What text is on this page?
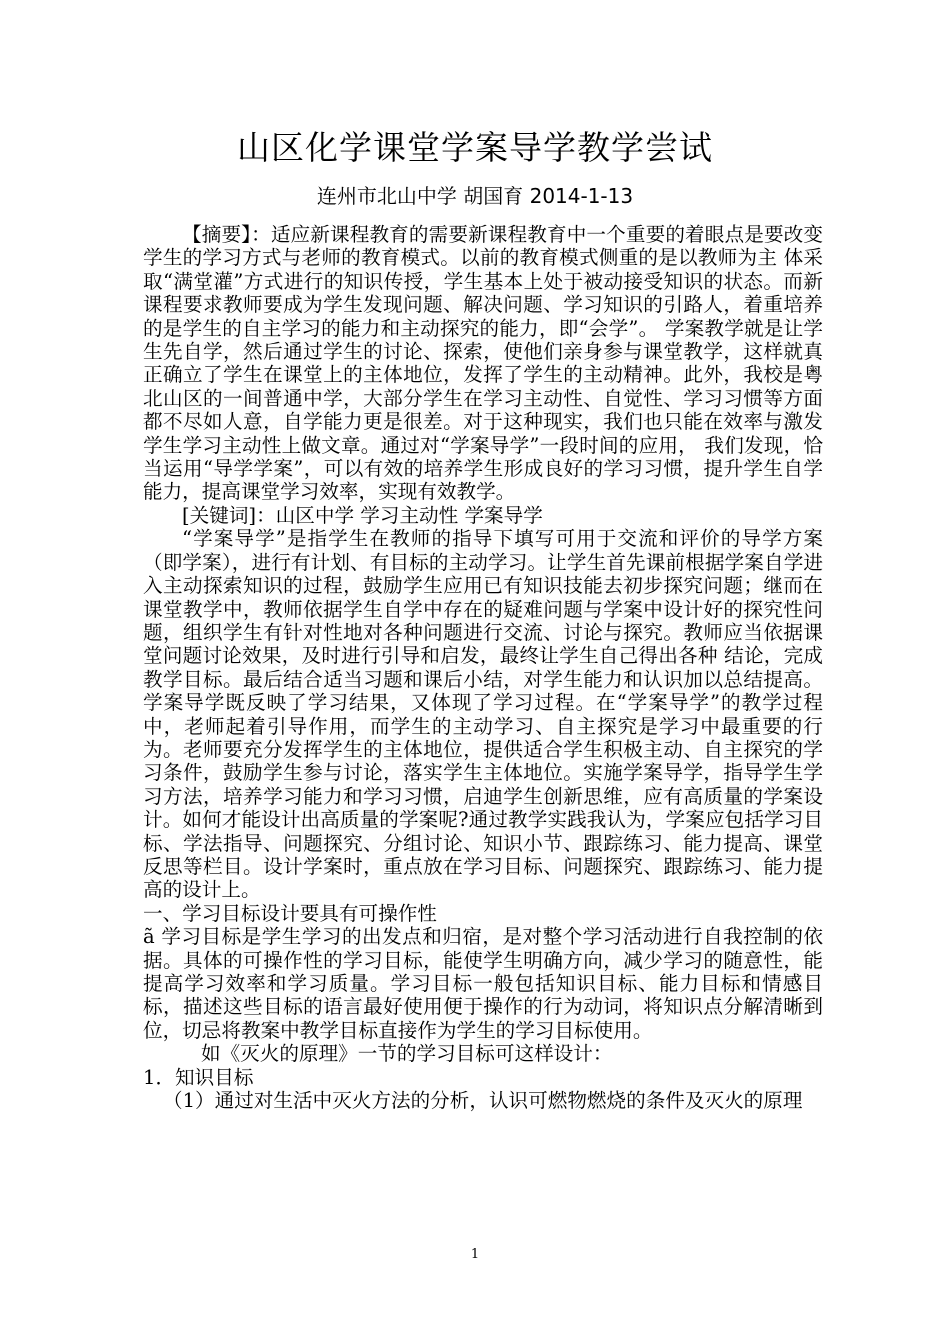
山区化学课堂学案导学教学尝试
连州市北山中学 胡国育 2014-1-13

【摘要】：适应新课程教育的需要新课程教育中一个重要的着眼点是要改变学生的学习方式与老师的教育模式。以前的教育模式侧重的是以教师为主 体采取“满堂灌”方式进行的知识传授，学生基本上处于被动接受知识的状态。而新课程要求教师要成为学生发现问题、解决问题、学习知识的引路人，着重培养的是学生的自主学习的能力和主动探究的能力，即“会学”。 学案教学就是让学生先自学，然后通过学生的讨论、探索，使他们亲身参与课堂教学，这样就真正确立了学生在课堂上的主体地位，发挥了学生的主动精神。此外，我校是粤北山区的一间普通中学，大部分学生在学习主动性、自觉性、学习习惯等方面都不尽如人意，自学能力更是很差。对于这种现实，我们也只能在效率与激发学生学习主动性上做文章。通过对“学案导学”一段时间的应用， 我们发现，恰当运用“导学学案”，可以有效的培养学生形成良好的学习习惯，提升学生自学能力，提高课堂学习效率，实现有效教学。

[关键词]：山区中学 学习主动性 学案导学

“学案导学”是指学生在教师的指导下填写可用于交流和评价的导学方案（即学案），进行有计划、有目标的主动学习。让学生首先课前根据学案自学进入主动探索知识的过程，鼓励学生应用已有知识技能去初步探究问题；继而在课堂教学中，教师依据学生自学中存在的疑难问题与学案中设计好的探究性问题，组织学生有针对性地对各种问题进行交流、讨论与探究。教师应当依据课堂问题讨论效果，及时进行引导和启发，最终让学生自己得出各种 结论，完成教学目标。最后结合适当习题和课后小结，对学生能力和认识加以总结提高。学案导学既反映了学习结果，又体现了学习过程。在“学案导学”的教学过程中，老师起着引导作用，而学生的主动学习、自主探究是学习中最重要的行为。老师要充分发挥学生的主体地位，提供适合学生积极主动、自主探究的学习条件，鼓励学生参与讨论，落实学生主体地位。实施学案导学，指导学生学习方法，培养学习能力和学习习惯，启迪学生创新思维，应有高质量的学案设计。如何才能设计出高质量的学案呢?通过教学实践我认为，学案应包括学习目标、学法指导、问题探究、分组讨论、知识小节、跟踪练习、能力提高、课堂反思等栏目。设计学案时，重点放在学习目标、问题探究、跟踪练习、能力提高的设计上。

一、学习目标设计要具有可操作性

ã 学习目标是学生学习的出发点和归宿，是对整个学习活动进行自我控制的依据。具体的可操作性的学习目标，能使学生明确方向，减少学习的随意性，能提高学习效率和学习质量。学习目标一般包括知识目标、能力目标和情感目标，描述这些目标的语言最好使用便于操作的行为动词，将知识点分解清晰到位，切忌将教案中教学目标直接作为学生的学习目标使用。

如《灭火的原理》一节的学习目标可这样设计：

1．知识目标

（1）通过对生活中灭火方法的分析，认识可燃物燃烧的条件及灭火的原理

1
